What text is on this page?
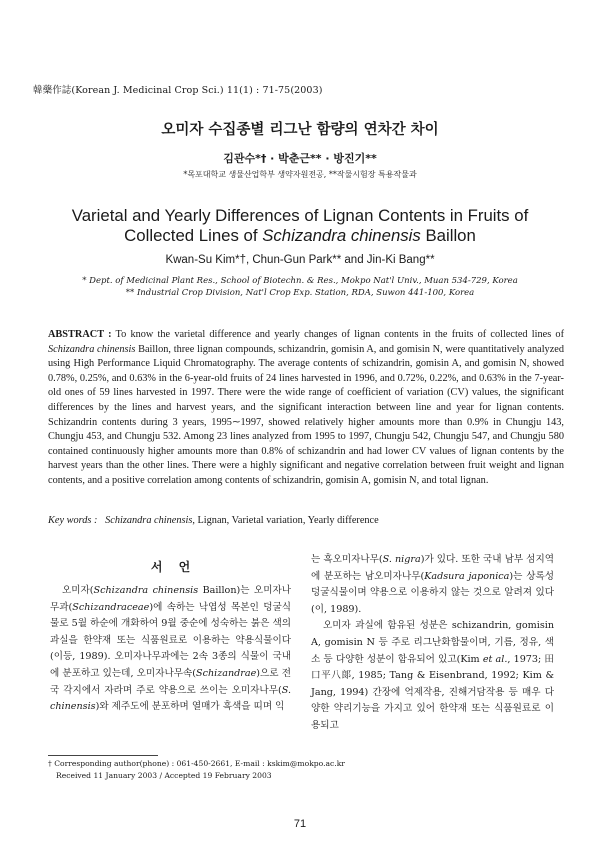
韓藥作誌(Korean J. Medicinal Crop Sci.) 11(1) : 71-75(2003)
오미자 수집종별 리그난 함량의 연차간 차이
김관수*† · 박춘근** · 방진기**
*목포대학교 생물산업학부 생약자원전공, **작물시험장 특용작물과
Varietal and Yearly Differences of Lignan Contents in Fruits of
Collected Lines of Schizandra chinensis Baillon
Kwan-Su Kim*†, Chun-Gun Park** and Jin-Ki Bang**
* Dept. of Medicinal Plant Res., School of Biotechn. & Res., Mokpo Nat'l Univ., Muan 534-729, Korea
** Industrial Crop Division, Nat'l Crop Exp. Station, RDA, Suwon 441-100, Korea
ABSTRACT : To know the varietal difference and yearly changes of lignan contents in the fruits of collected lines of Schizandra chinensis Baillon, three lignan compounds, schizandrin, gomisin A, and gomisin N, were quantitatively analyzed using High Performance Liquid Chromatography. The average contents of schizandrin, gomisin A, and gomisin N, showed 0.78%, 0.25%, and 0.63% in the 6-year-old fruits of 24 lines harvested in 1996, and 0.72%, 0.22%, and 0.63% in the 7-year-old ones of 59 lines harvested in 1997. There were the wide range of coefficient of variation (CV) values, the significant differences by the lines and harvest years, and the significant interaction between line and year for lignan contents. Schizandrin contents during 3 years, 1995∼1997, showed relatively higher amounts more than 0.9% in Chungju 143, Chungju 453, and Chungju 532. Among 23 lines analyzed from 1995 to 1997, Chungju 542, Chungju 547, and Chungju 580 contained continuously higher amounts more than 0.8% of schizandrin and had lower CV values of lignan contents by the harvest years than the other lines. There were a highly significant and negative correlation between fruit weight and lignan contents, and a positive correlation among contents of schizandrin, gomisin A, gomisin N, and total lignan.
Key words : Schizandra chinensis, Lignan, Varietal variation, Yearly difference
서 언

오미자(Schizandra chinensis Baillon)는 오미자나무과(Schizandraceae)에 속하는 낙엽성 목본인 덩굴식물로 5월 하순에 개화하여 9월 중순에 성숙하는 붉은 색의 과실을 한약재 또는 식품원료로 이용하는 약용식물이다(이등, 1989). 오미자나무과에는 2속 3종의 식물이 국내에 분포하고 있는데, 오미자나무속(Schizandrae)으로 전국 각지에서 자라며 주로 약용으로 쓰이는 오미자나무(S. chinensis)와 제주도에 분포하며 열매가 흑색을 띠며 익

는 흑오미자나무(S. nigra)가 있다. 또한 국내 남부 섬지역에 분포하는 남오미자나무(Kadsura japonica)는 상록성 덩굴식물이며 약용으로 이용하지 않는 것으로 알려져 있다(이, 1989).

오미자 과실에 함유된 성분은 schizandrin, gomisin A, gomisin N 등 주로 리그난화합물이며, 기름, 정유, 색소 등 다양한 성분이 함유되어 있고(Kim et al., 1973; 田口平八郞, 1985; Tang & Eisenbrand, 1992; Kim & Jang, 1994) 간장에 억제작용, 진해거담작용 등 매우 다양한 약리기능을 가지고 있어 한약재 또는 식품원료로 이용되고

† Corresponding author(phone) : 061-450-2661, E-mail : kskim@mokpo.ac.kr
Received 11 January 2003 / Accepted 19 February 2003
71
